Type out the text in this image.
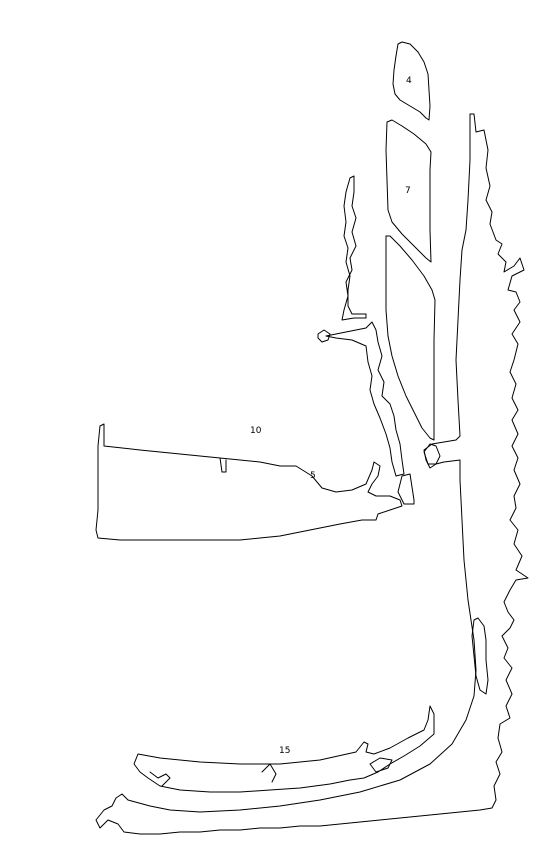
4
7
10
5
15
